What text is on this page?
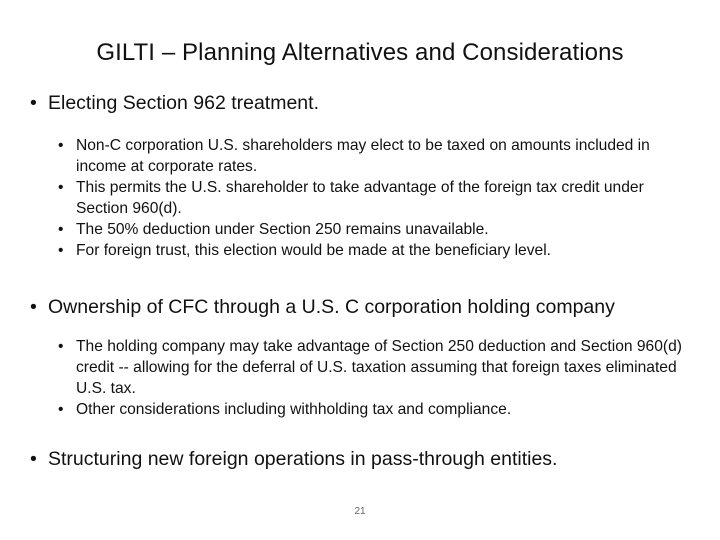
GILTI – Planning Alternatives and Considerations
• Electing Section 962 treatment.
• Non-C corporation U.S. shareholders may elect to be taxed on amounts included in income at corporate rates.
• This permits the U.S. shareholder to take advantage of the foreign tax credit under Section 960(d).
• The 50% deduction under Section 250 remains unavailable.
• For foreign trust, this election would be made at the beneficiary level.
• Ownership of CFC through a U.S. C corporation holding company
• The holding company may take advantage of Section 250 deduction and Section 960(d) credit -- allowing for the deferral of U.S. taxation assuming that foreign taxes eliminated U.S. tax.
• Other considerations including withholding tax and compliance.
• Structuring new foreign operations in pass-through entities.
21
